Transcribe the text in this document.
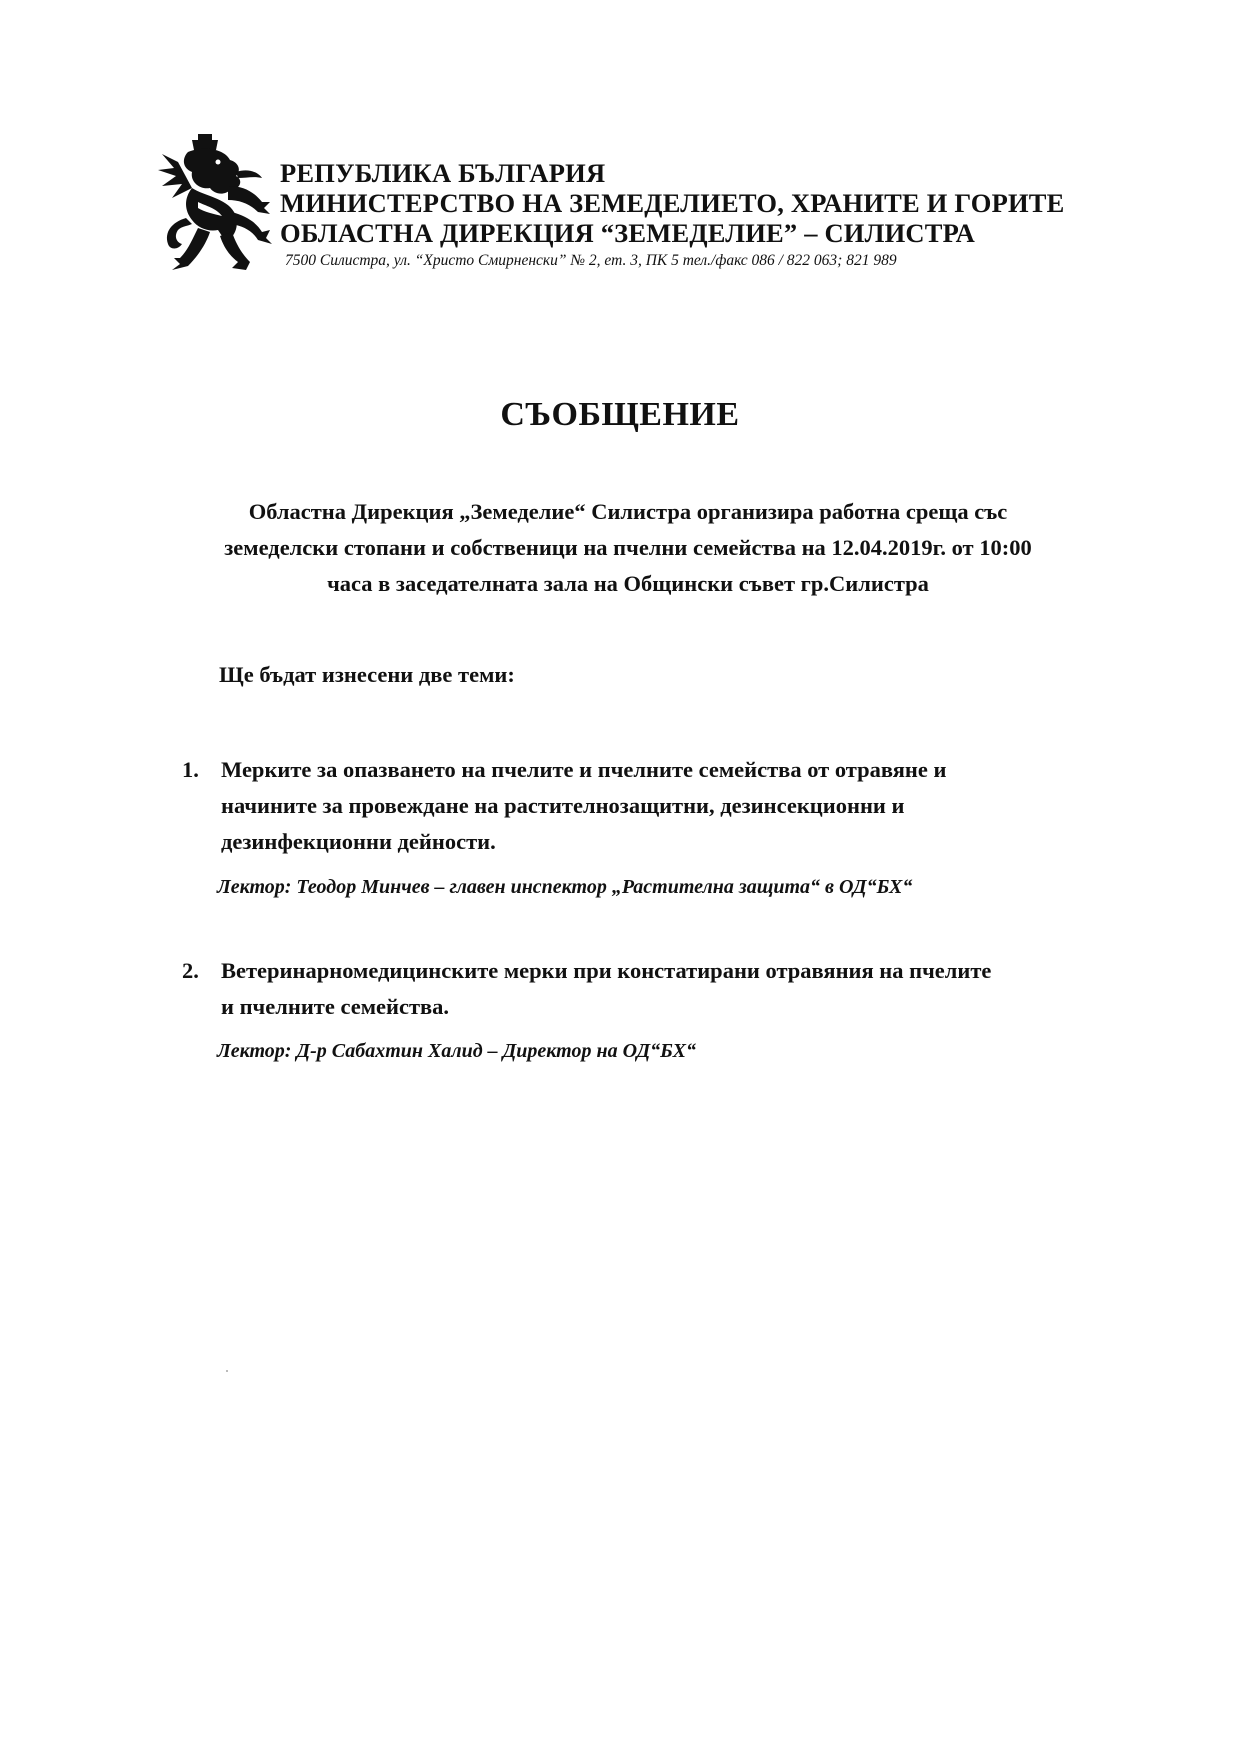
РЕПУБЛИКА БЪЛГАРИЯ
МИНИСТЕРСТВО НА ЗЕМЕДЕЛИЕТО, ХРАНИТЕ И ГОРИТЕ
ОБЛАСТНА ДИРЕКЦИЯ “ЗЕМЕДЕЛИЕ” – СИЛИСТРА
7500 Силистра, ул. “Христо Смирненски” № 2, ет. 3, ПК 5 тел./факс 086 / 822 063; 821 989
СЪОБЩЕНИЕ
Областна Дирекция „Земеделие“ Силистра организира работна среща със земеделски стопани и собственици на пчелни семейства на 12.04.2019г. от 10:00 часа в заседателната зала на Общински съвет гр.Силистра
Ще бъдат изнесени две теми:
1. Мерките за опазването на пчелите и пчелните семейства от отравяне и
начините за провеждане на растителнозащитни, дезинсекционни и
дезинфекционни дейности.
Лектор: Теодор Минчев – главен инспектор „Растителна защита“ в ОД“БХ“
2. Ветеринарномедицинските мерки при констатирани отравяния на пчелите
и пчелните семейства.
Лектор: Д-р Сабахтин Халид – Директор на ОД“БХ“
